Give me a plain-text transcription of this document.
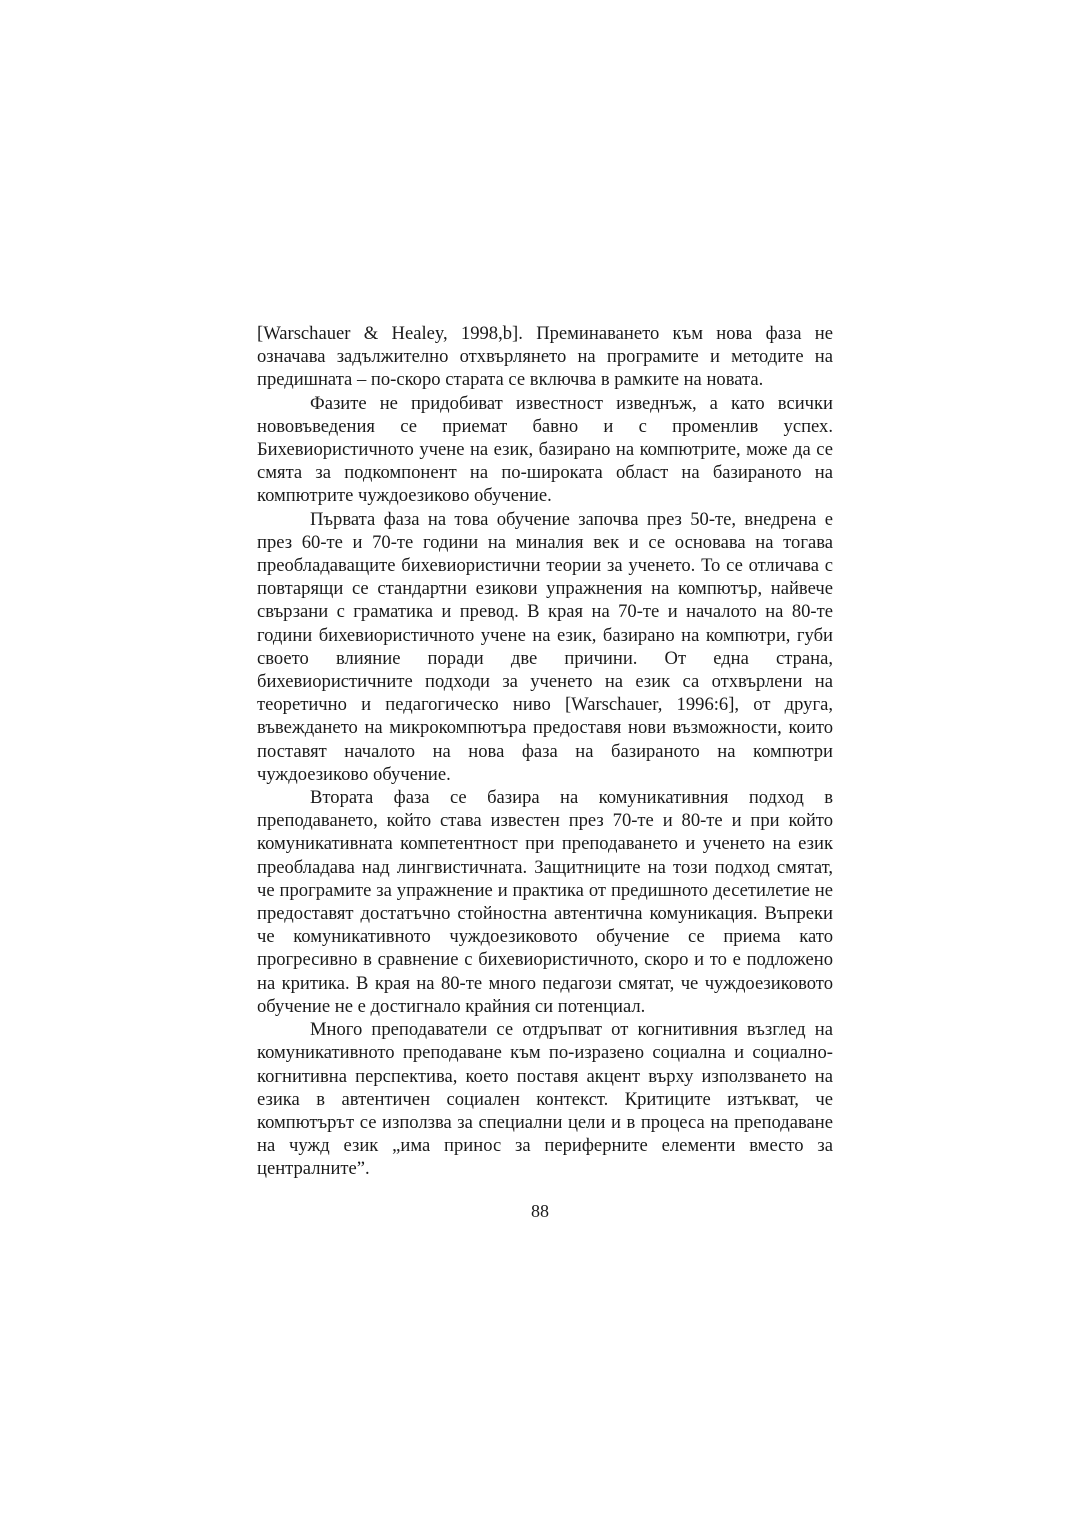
[Warschauer & Healey, 1998,b]. Преминаването към нова фаза не означава задължително отхвърлянето на програмите и методите на предишната – по-скоро старата се включва в рамките на новата.

Фазите не придобиват известност изведнъж, а като всички нововъведения се приемат бавно и с променлив успех. Бихевиористичното учене на език, базирано на компютрите, може да се смята за подкомпонент на по-широката област на базираното на компютрите чуждоезиково обучение.

Първата фаза на това обучение започва през 50-те, внедрена е през 60-те и 70-те години на миналия век и се основава на тогава преобладаващите бихевиористични теории за ученето. То се отличава с повтарящи се стандартни езикови упражнения на компютър, найвече свързани с граматика и превод. В края на 70-те и началото на 80-те години бихевиористичното учене на език, базирано на компютри, губи своето влияние поради две причини. От една страна, бихевиористичните подходи за ученето на език са отхвърлени на теоретично и педагогическо ниво [Warschauer, 1996:6], от друга, въвеждането на микрокомпютъра предоставя нови възможности, които поставят началото на нова фаза на базираното на компютри чуждоезиково обучение.

Втората фаза се базира на комуникативния подход в преподаването, който става известен през 70-те и 80-те и при който комуникативната компетентност при преподаването и ученето на език преобладава над лингвистичната. Защитниците на този подход смятат, че програмите за упражнение и практика от предишното десетилетие не предоставят достатъчно стойностна автентична комуникация. Въпреки че комуникативното чуждоезиковото обучение се приема като прогресивно в сравнение с бихевиористичното, скоро и то е подложено на критика. В края на 80-те много педагози смятат, че чуждоезиковото обучение не е достигнало крайния си потенциал.

Много преподаватели се отдръпват от когнитивния възглед на комуникативното преподаване към по-изразено социална и социално-когнитивна перспектива, което поставя акцент върху използването на езика в автентичен социален контекст. Критиците изтъкват, че компютърът се използва за специални цели и в процеса на преподаване на чужд език „има принос за периферните елементи вместо за централните”.

88
